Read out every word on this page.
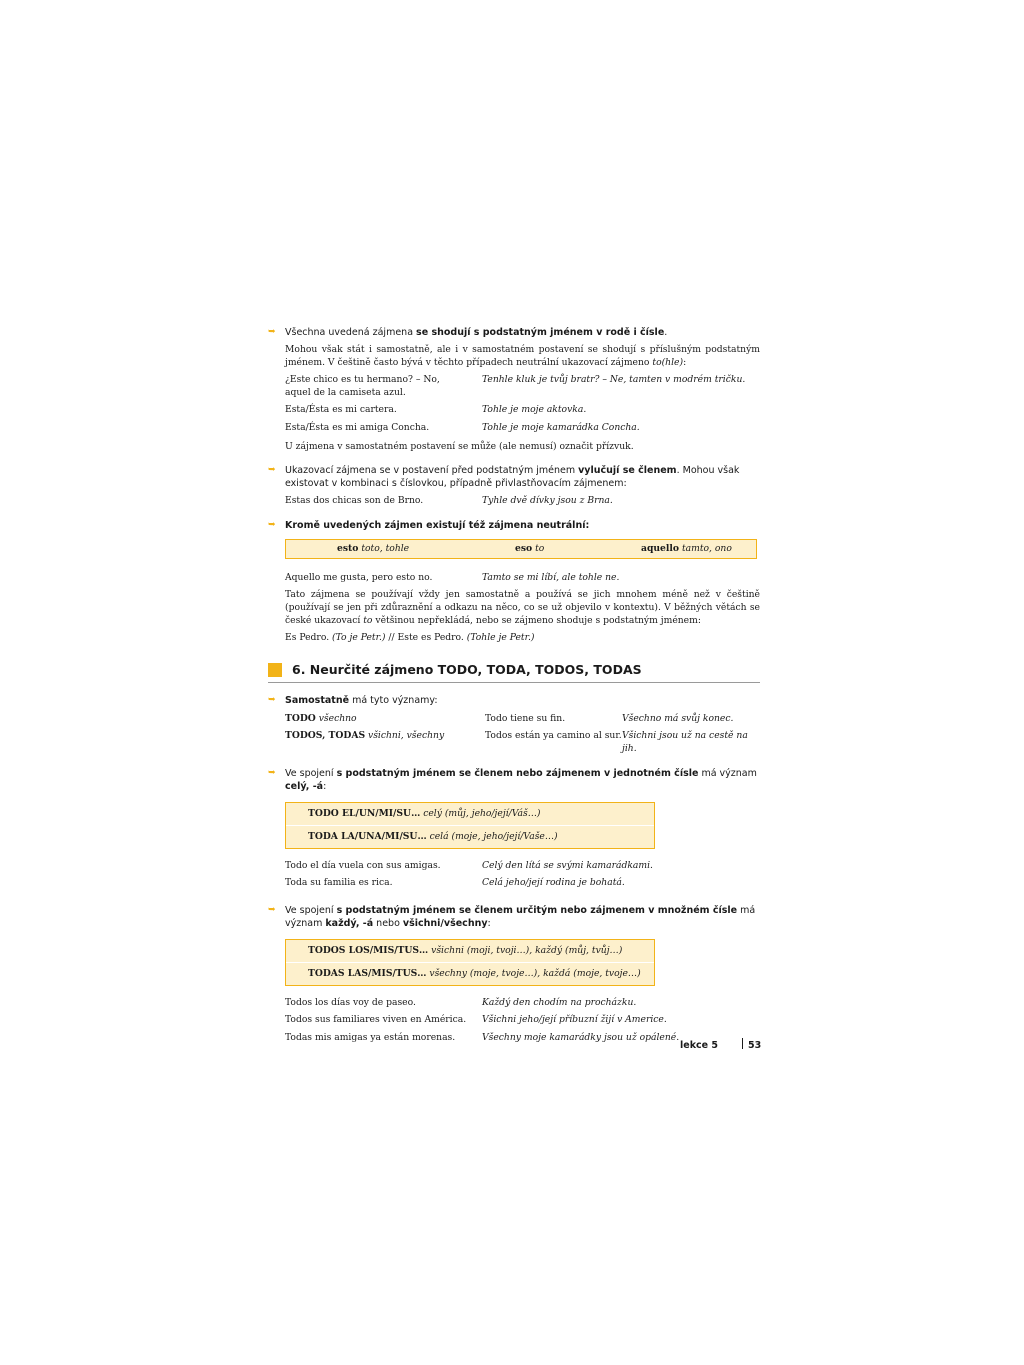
➥ Všechna uvedená zájmena se shodují s podstatným jménem v rodě i čísle.
Mohou však stát i samostatně, ale i v samostatném postavení se shodují s příslušným podstatným jménem. V češtině často bývá v těchto případech neutrální ukazovací zájmeno to(hle):
¿Este chico es tu hermano? – No, aquel de la camiseta azul.
Tenhle kluk je tvůj bratr? – Ne, tamten v modrém tričku.
Esta/Ésta es mi cartera.	Tohle je moje aktovka.
Esta/Ésta es mi amiga Concha.	Tohle je moje kamarádka Concha.
U zájmena v samostatném postavení se může (ale nemusí) označit přízvuk.
➥ Ukazovací zájmena se v postavení před podstatným jménem vylučují se členem. Mohou však existovat v kombinaci s číslovkou, případně přivlastňovacím zájmenem:
Estas dos chicas son de Brno.	Tyhle dvě dívky jsou z Brna.
➥ Kromě uvedených zájmen existují též zájmena neutrální:
esto toto, tohle	eso to	aquello tamto, ono
Aquello me gusta, pero esto no.	Tamto se mi líbí, ale tohle ne.
Tato zájmena se používají vždy jen samostatně a používá se jich mnohem méně než v češtině (používají se jen při zdůraznění a odkazu na něco, co se už objevilo v kontextu). V běžných větách se české ukazovací to většinou nepřekládá, nebo se zájmeno shoduje s podstatným jménem:
Es Pedro. (To je Petr.) // Este es Pedro. (Tohle je Petr.)
6. Neurčité zájmeno TODO, TODA, TODOS, TODAS
➥ Samostatně má tyto významy:
TODO všechno	Todo tiene su fin.	Všechno má svůj konec.
TODOS, TODAS všichni, všechny	Todos están ya camino al sur. Všichni jsou už na cestě na jih.
➥ Ve spojení s podstatným jménem se členem nebo zájmenem v jednotném čísle má význam celý, -á:
TODO EL/UN/MI/SU… celý (můj, jeho/její/Váš…)
TODA LA/UNA/MI/SU… celá (moje, jeho/její/Vaše…)
Todo el día vuela con sus amigas.	Celý den lítá se svými kamarádkami.
Toda su familia es rica.	Celá jeho/její rodina je bohatá.
➥ Ve spojení s podstatným jménem se členem určitým nebo zájmenem v množném čísle má význam každý, -á nebo všichni/všechny:
TODOS LOS/MIS/TUS… všichni (moji, tvoji…), každý (můj, tvůj…)
TODAS LAS/MIS/TUS… všechny (moje, tvoje…), každá (moje, tvoje…)
Todos los días voy de paseo.	Každý den chodím na procházku.
Todos sus familiares viven en América.	Všichni jeho/její příbuzní žijí v Americe.
Todas mis amigas ya están morenas.	Všechny moje kamarádky jsou už opálené.
lekce 5	53
